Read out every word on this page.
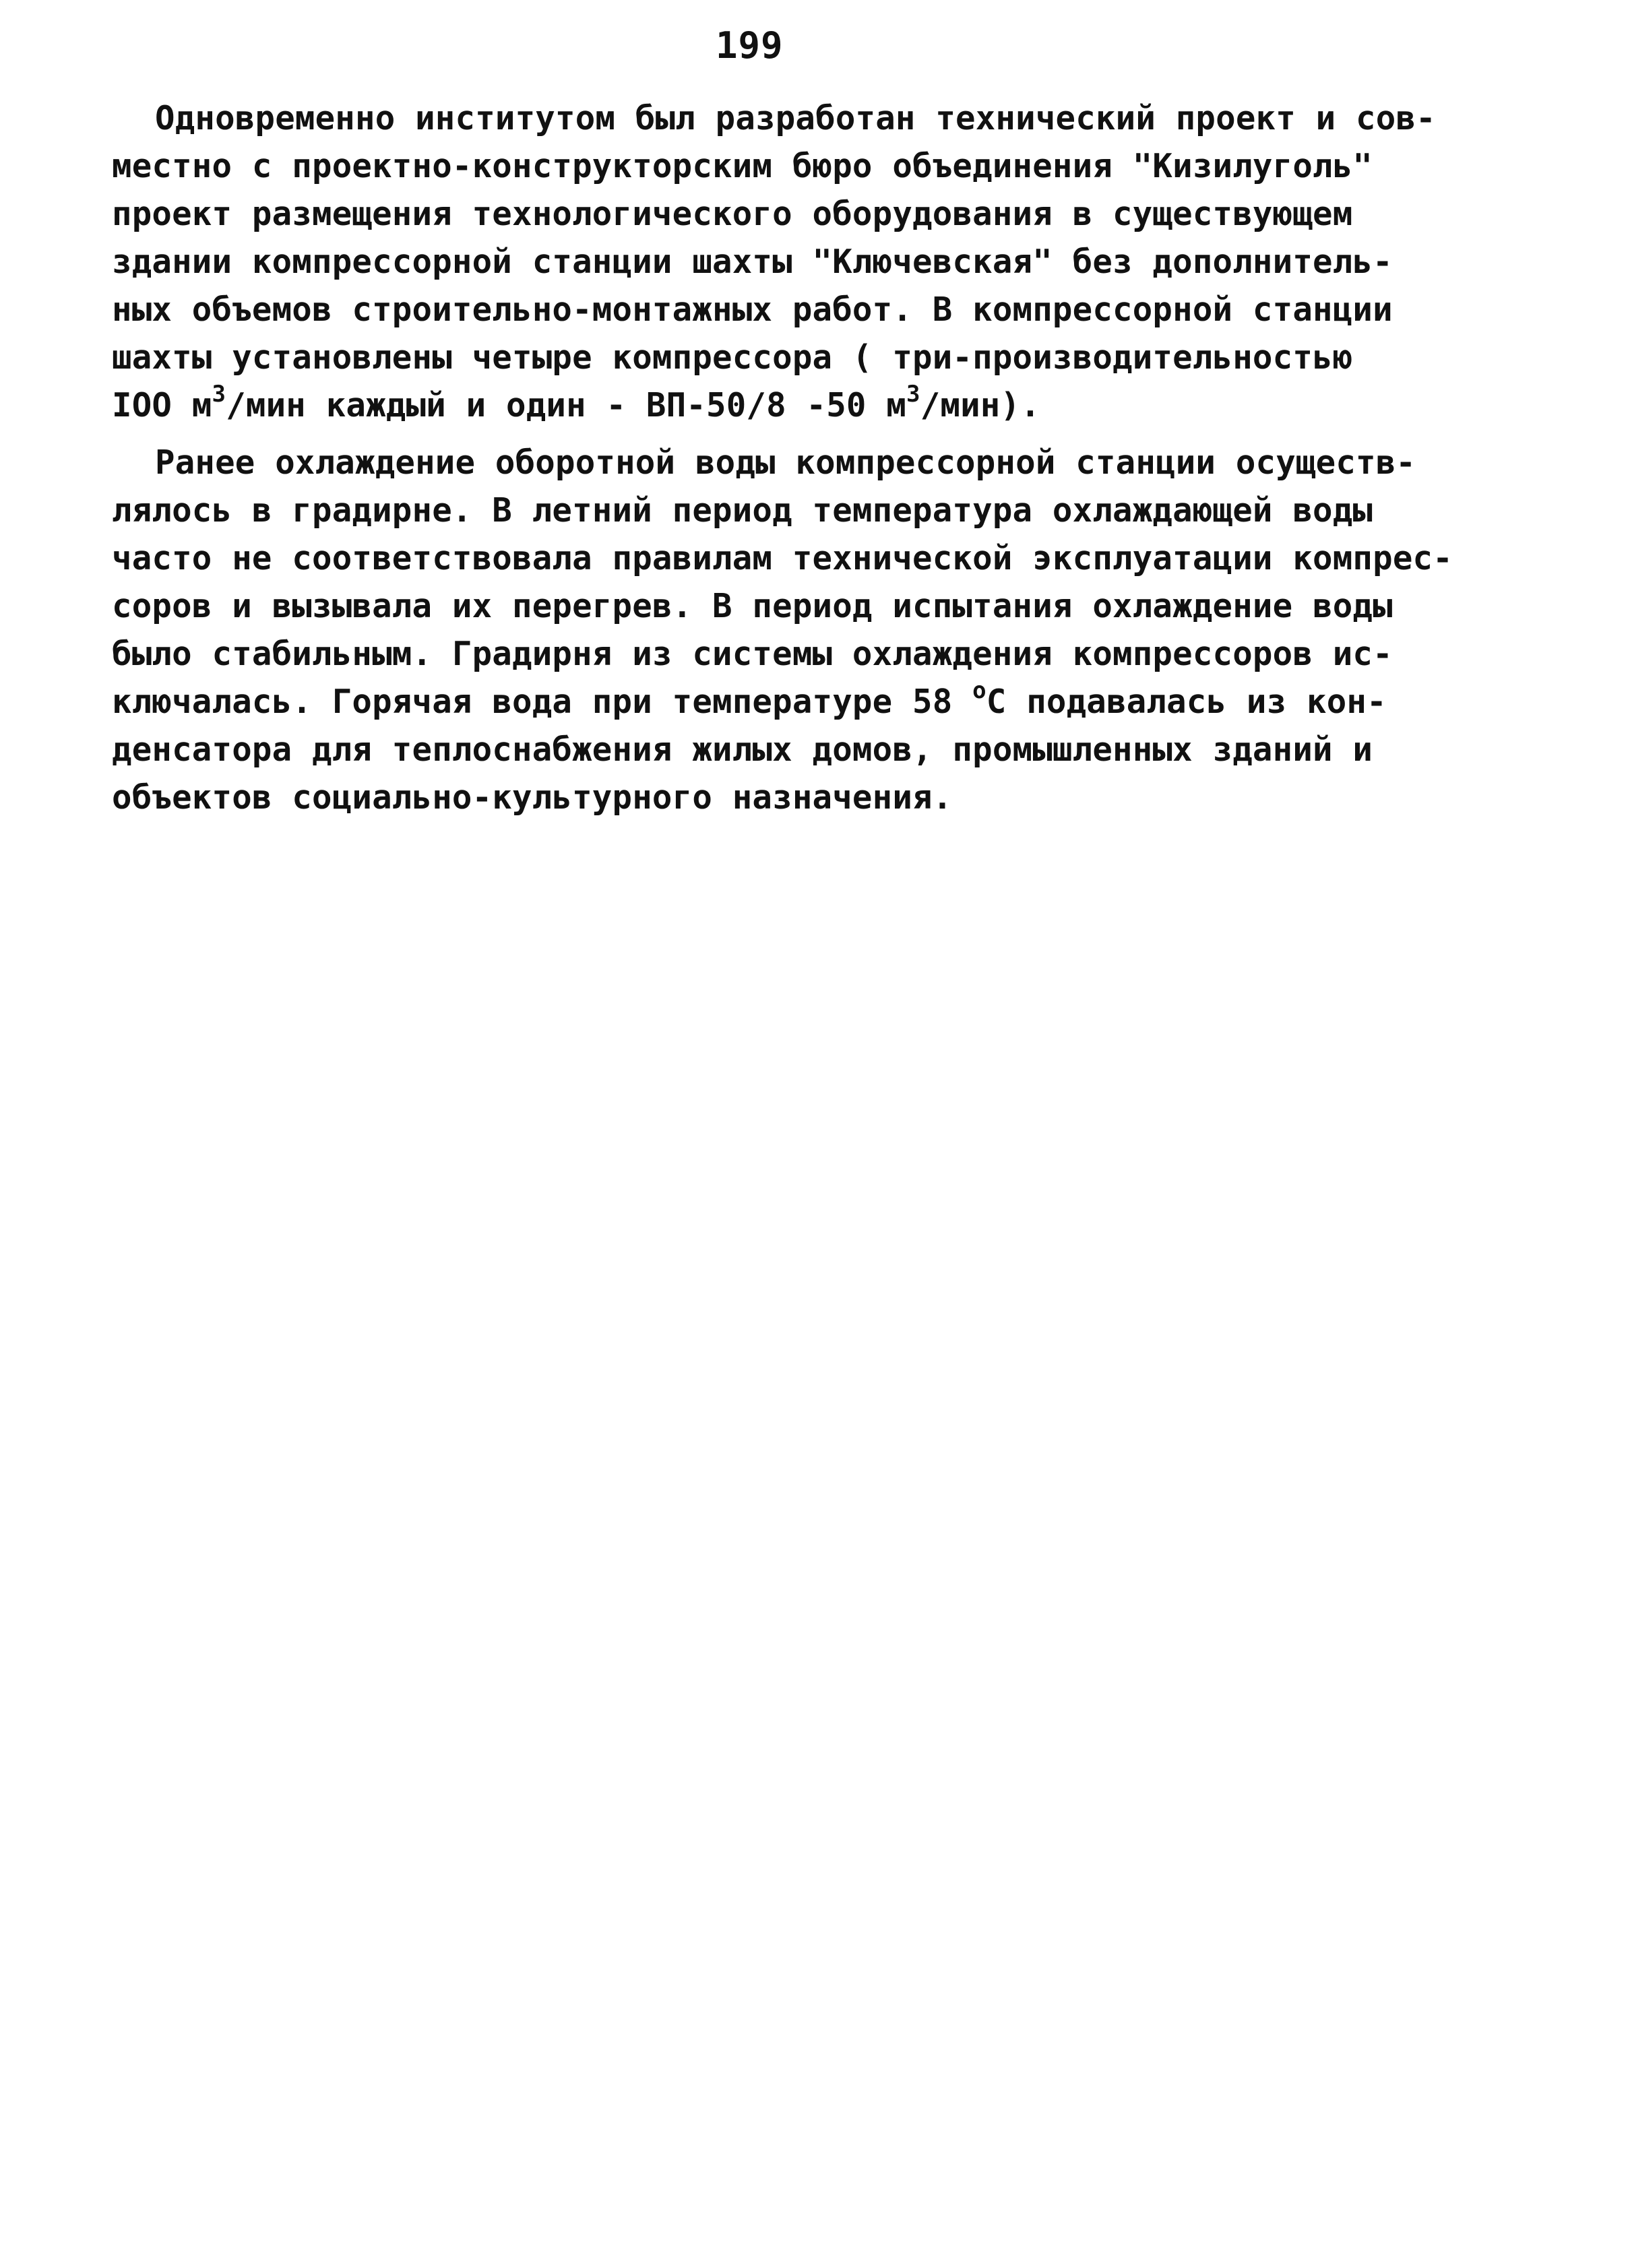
199
Одновременно институтом был разработан технический проект и сов-
местно с проектно-конструкторским бюро объединения "Кизилуголь"
проект размещения технологического оборудования в существующем
здании компрессорной станции шахты "Ключевская" без дополнитель-
ных объемов строительно-монтажных работ. В компрессорной станции
шахты установлены четыре компрессора ( три-производительностью
IOO $м^3$/мин каждый и один - ВП-50/8 -50 $м^3/мин$).
Ранее охлаждение оборотной воды компрессорной станции осуществ-
лялось в градирне. В летний период температура охлаждающей воды
часто не соответствовала правилам технической эксплуатации компрес-
соров и вызывала их перегрев. В период испытания охлаждение воды
было стабильным. Градирня из системы охлаждения компрессоров ис-
ключалась. Горячая вода при температуре 58 $^о$С подавалась из кон-
денсатора для теплоснабжения жилых домов, промышленных зданий и
объектов социально-культурного назначения.
